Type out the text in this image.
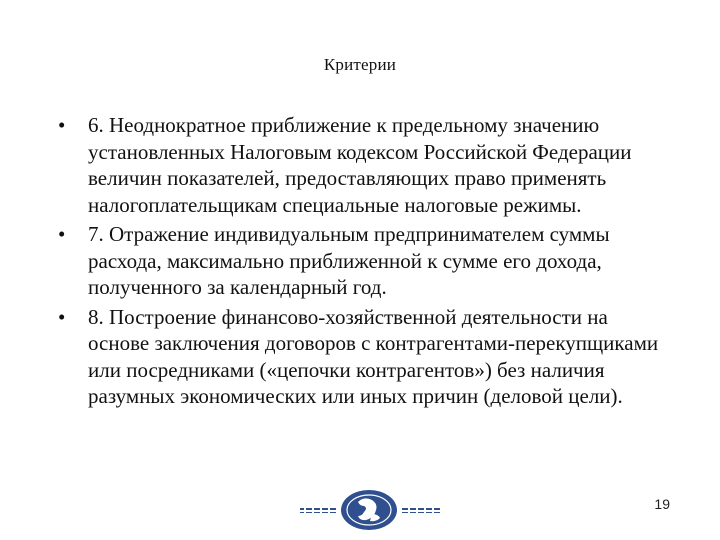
Критерии
•	6. Неоднократное приближение к предельному значению установленных Налоговым кодексом Российской Федерации величин показателей, предоставляющих право применять налогоплательщикам специальные налоговые режимы.
•	7. Отражение индивидуальным предпринимателем суммы расхода, максимально приближенной к сумме его дохода, полученного за календарный год.
•	8. Построение финансово-хозяйственной деятельности на основе заключения договоров с контрагентами-перекупщиками или посредниками («цепочки контрагентов») без наличия разумных экономических или иных причин (деловой цели).
19
